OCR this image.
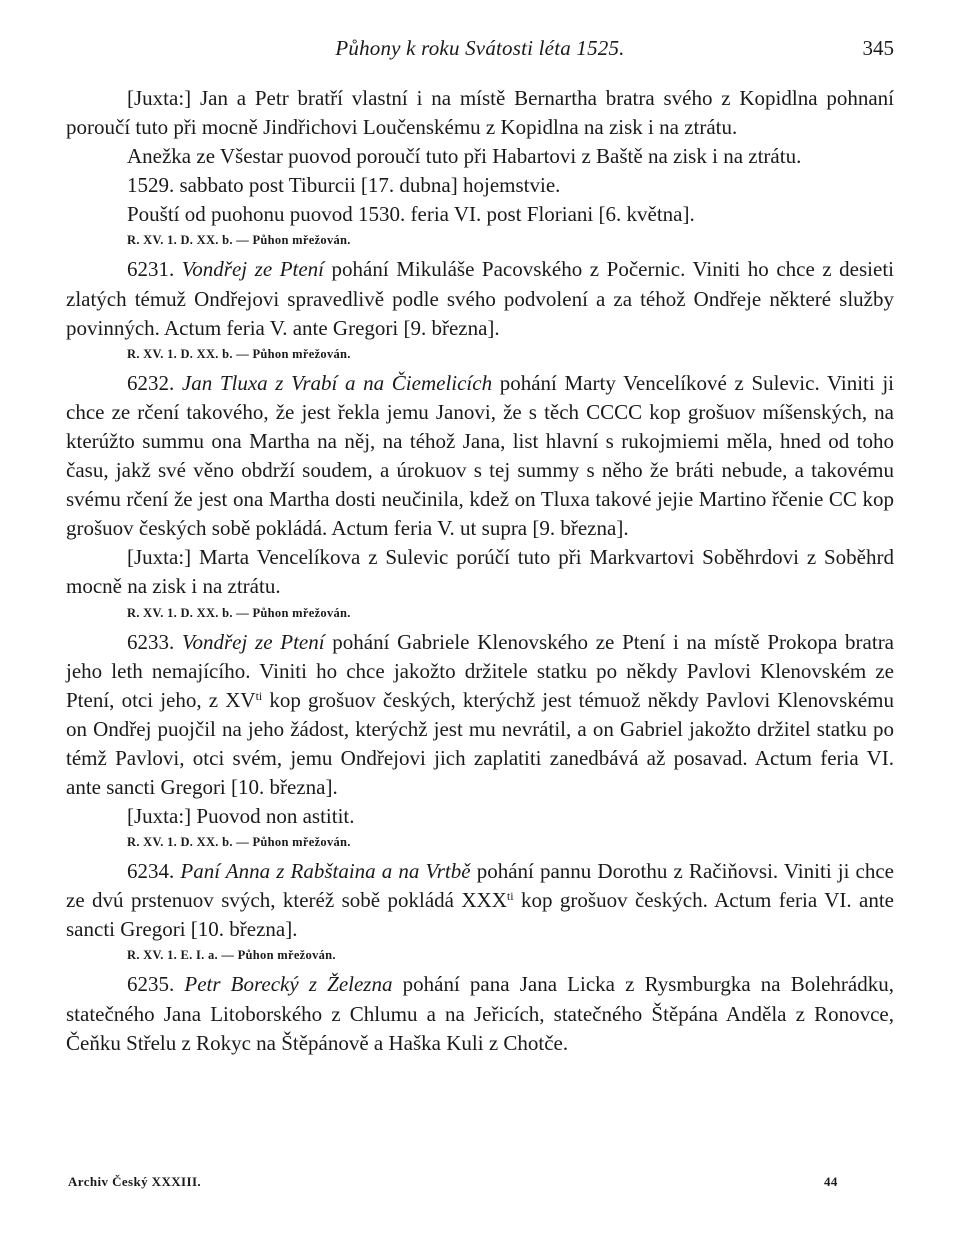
Půhony k roku Svátosti léta 1525.	345

[Juxta:] Jan a Petr bratří vlastní i na místě Bernartha bratra svého z Kopidlna pohnaní poroučí tuto při mocně Jindřichovi Loučenskému z Kopidlna na zisk i na ztrátu.

Anežka ze Všestar puovod poroučí tuto při Habartovi z Baště na zisk i na ztrátu.

1529. sabbato post Tiburcii [17. dubna] hojemstvie.

Pouští od puohonu puovod 1530. feria VI. post Floriani [6. května].

R. XV. 1. D. XX. b. — Půhon mřežován.

6231. Vondřej ze Ptení pohání Mikuláše Pacovského z Počernic. Viniti ho chce z desieti zlatých témuž Ondřejovi spravedlivě podle svého podvolení a za téhož Ondřeje některé služby povinných. Actum feria V. ante Gregori [9. března].

R. XV. 1. D. XX. b. — Půhon mřežován.

6232. Jan Tluxa z Vrabí a na Čiemelicích pohání Marty Vencelíkové z Sulevic. Viniti ji chce ze rčení takového, že jest řekla jemu Janovi, že s těch CCCC kop grošuov míšenských, na kterúžto summu ona Martha na něj, na téhož Jana, list hlavní s rukojmiemi měla, hned od toho času, jakž své věno obdrží soudem, a úrokuov s tej summy s něho že bráti nebude, a takovému svému rčení že jest ona Martha dosti neučinila, kdež on Tluxa takové jejie Martino řčenie CC kop grošuov českých sobě pokládá. Actum feria V. ut supra [9. března].

[Juxta:] Marta Vencelíkova z Sulevic porúčí tuto při Markvartovi Soběhrdovi z Soběhrd mocně na zisk i na ztrátu.

R. XV. 1. D. XX. b. — Půhon mřežován.

6233. Vondřej ze Ptení pohání Gabriele Klenovského ze Ptení i na místě Prokopa bratra jeho leth nemajícího. Viniti ho chce jakožto držitele statku po někdy Pavlovi Klenovském ze Ptení, otci jeho, z $XV^{ti}$ kop grošuov českých, kterýchž jest témuož někdy Pavlovi Klenovskému on Ondřej puojčil na jeho žádost, kterýchž jest mu nevrátil, a on Gabriel jakožto držitel statku po témž Pavlovi, otci svém, jemu Ondřejovi jich zaplatiti zanedbává až posavad. Actum feria VI. ante sancti Gregori [10. března].

[Juxta:] Puovod non astitit.

R. XV. 1. D. XX. b. — Půhon mřežován.

6234. Paní Anna z Rabštaina a na Vrtbě pohání pannu Dorothu z Račiňovsi. Viniti ji chce ze dvú prstenuov svých, kteréž sobě pokládá $XXX^{ti}$ kop grošuov českých. Actum feria VI. ante sancti Gregori [10. března].

R. XV. 1. E. I. a. — Půhon mřežován.

6235. Petr Borecký z Železna pohání pana Jana Licka z Rysmburgka na Bolehrádku, statečného Jana Litoborského z Chlumu a na Jeřicích, statečného Štěpána Anděla z Ronovce, Čeňku Střelu z Rokyc na Štěpánově a Haška Kuli z Chotče.

Archiv Český XXXIII.	44
